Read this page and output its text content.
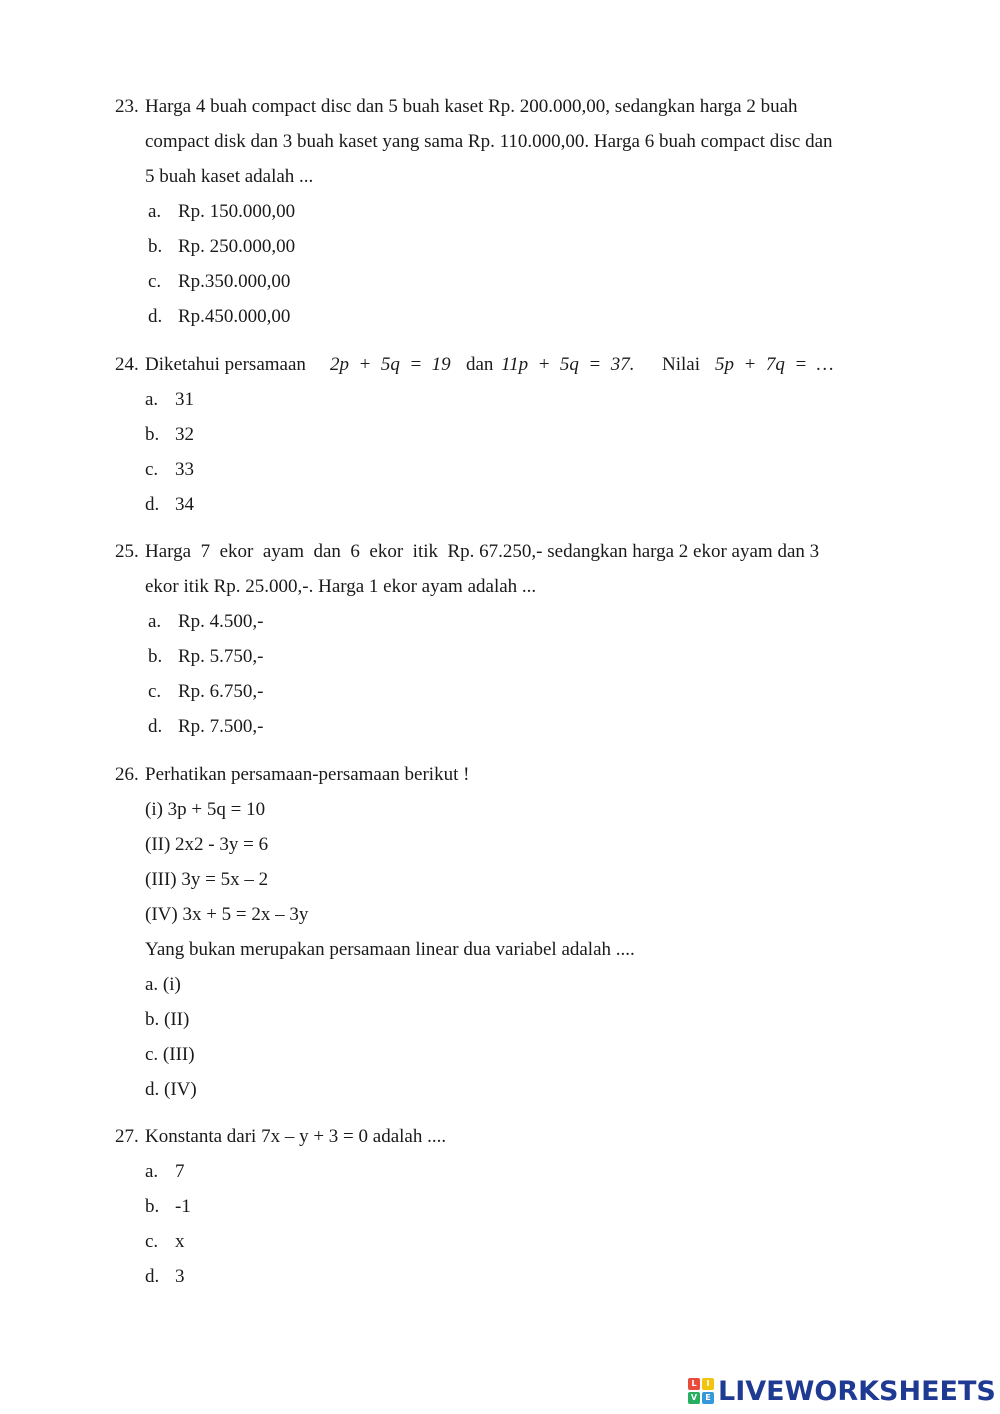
23. Harga 4 buah compact disc dan 5 buah kaset Rp. 200.000,00, sedangkan harga 2 buah
compact disk dan 3 buah kaset yang sama Rp. 110.000,00. Harga 6 buah compact disc dan
5 buah kaset adalah ...
a. Rp. 150.000,00
b. Rp. 250.000,00
c. Rp.350.000,00
d. Rp.450.000,00
24. Diketahui persamaan 2p  +  5q  =  19 dan 11p  +  5q  =  37. Nilai 5p  +  7q  =  …
a. 31
b. 32
c. 33
d. 34
25. Harga  7  ekor  ayam  dan  6  ekor  itik  Rp. 67.250,- sedangkan harga 2 ekor ayam dan 3
ekor itik Rp. 25.000,-. Harga 1 ekor ayam adalah ...
a. Rp. 4.500,-
b. Rp. 5.750,-
c. Rp. 6.750,-
d. Rp. 7.500,-
26. Perhatikan persamaan-persamaan berikut !
(i) 3p + 5q = 10
(II) 2x2 - 3y = 6
(III) 3y = 5x – 2
(IV) 3x + 5 = 2x – 3y
Yang bukan merupakan persamaan linear dua variabel adalah ....
a. (i)
b. (II)
c. (III)
d. (IV)
27. Konstanta dari 7x – y + 3 = 0 adalah ....
a. 7
b. -1
c. x
d. 3
L	I
V	E LIVEWORKSHEETS
